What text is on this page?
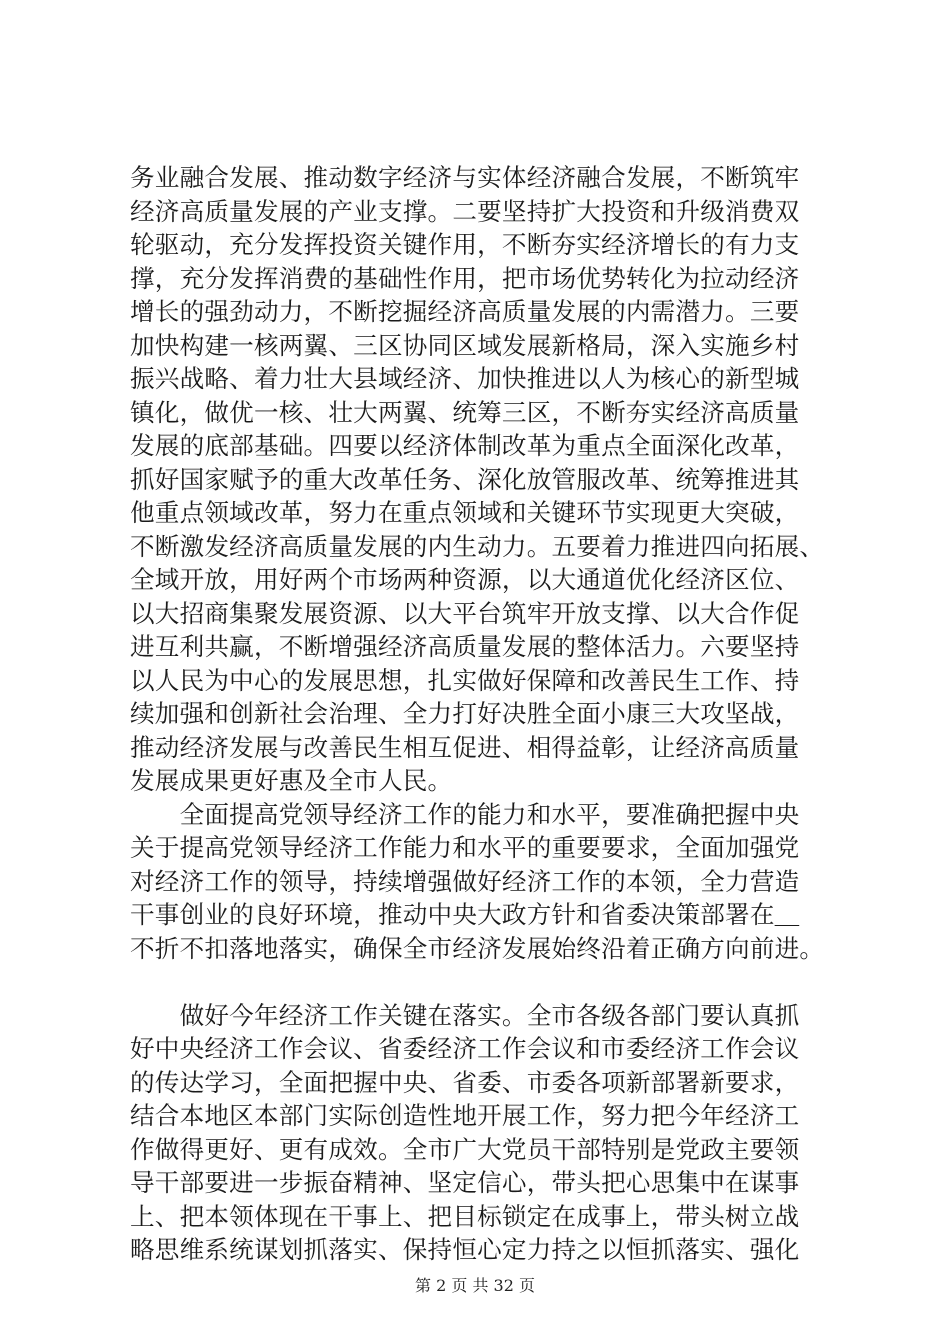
务业融合发展、推动数字经济与实体经济融合发展，不断筑牢
经济高质量发展的产业支撑。二要坚持扩大投资和升级消费双
轮驱动，充分发挥投资关键作用，不断夯实经济增长的有力支
撑，充分发挥消费的基础性作用，把市场优势转化为拉动经济
增长的强劲动力，不断挖掘经济高质量发展的内需潜力。三要
加快构建一核两翼、三区协同区域发展新格局，深入实施乡村
振兴战略、着力壮大县域经济、加快推进以人为核心的新型城
镇化，做优一核、壮大两翼、统筹三区，不断夯实经济高质量
发展的底部基础。四要以经济体制改革为重点全面深化改革，
抓好国家赋予的重大改革任务、深化放管服改革、统筹推进其
他重点领域改革，努力在重点领域和关键环节实现更大突破，
不断激发经济高质量发展的内生动力。五要着力推进四向拓展、
全域开放，用好两个市场两种资源，以大通道优化经济区位、
以大招商集聚发展资源、以大平台筑牢开放支撑、以大合作促
进互利共赢，不断增强经济高质量发展的整体活力。六要坚持
以人民为中心的发展思想，扎实做好保障和改善民生工作、持
续加强和创新社会治理、全力打好决胜全面小康三大攻坚战，
推动经济发展与改善民生相互促进、相得益彰，让经济高质量
发展成果更好惠及全市人民。
　　全面提高党领导经济工作的能力和水平，要准确把握中央
关于提高党领导经济工作能力和水平的重要要求，全面加强党
对经济工作的领导，持续增强做好经济工作的本领，全力营造
干事创业的良好环境，推动中央大政方针和省委决策部署在＿
不折不扣落地落实，确保全市经济发展始终沿着正确方向前进。
　　做好今年经济工作关键在落实。全市各级各部门要认真抓
好中央经济工作会议、省委经济工作会议和市委经济工作会议
的传达学习，全面把握中央、省委、市委各项新部署新要求，
结合本地区本部门实际创造性地开展工作，努力把今年经济工
作做得更好、更有成效。全市广大党员干部特别是党政主要领
导干部要进一步振奋精神、坚定信心，带头把心思集中在谋事
上、把本领体现在干事上、把目标锁定在成事上，带头树立战
略思维系统谋划抓落实、保持恒心定力持之以恒抓落实、强化
第 2 页 共 32 页
